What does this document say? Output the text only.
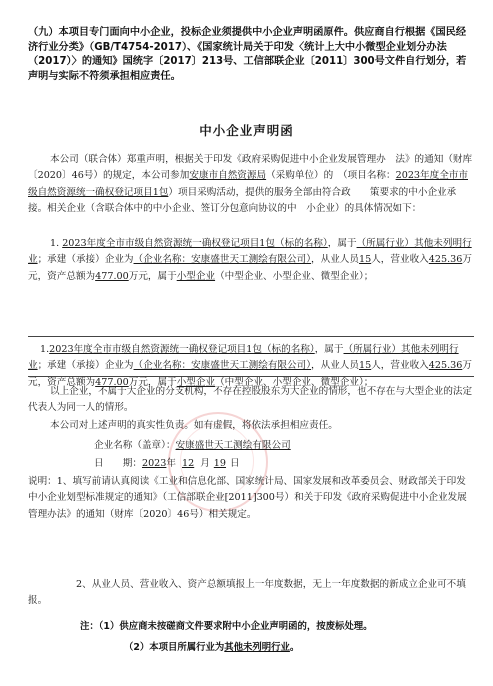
（九）本项目专门面向中小企业，投标企业须提供中小企业声明函原件。供应商自行根据《国民经济行业分类》（GB/T4754-2017）、《国家统计局关于印发〈统计上大中小微型企业划分办法（2017）〉的通知》国统字〔2017〕213号、工信部联企业〔2011〕300号文件自行划分，若声明与实际不符须承担相应责任。
中小企业声明函
本公司（联合体）郑重声明，根据关于印发《政府采购促进中小企业发展管理办　法》的通知（财库〔2020〕46号）的规定，本公司参加安康市自然资源局（采购单位）的　（项目名称：2023年度全市市级自然资源统一确权登记项目1包）项目采购活动，提供的服务全部由符合政　　策要求的中小企业承接。相关企业（含联合体中的中小企业、签订分包意向协议的中　小企业）的具体情况如下：
1. 2023年度全市市级自然资源统一确权登记项目1包（标的名称），属于（所属行业）其他未列明行业；承建（承接）企业为（企业名称：安康盛世天工测绘有限公司），从业人员15人，营业收入425.36万元，资产总额为477.00万元，属于小型企业（中型企业、小型企业、微型企业）；
1.2023年度全市市级自然资源统一确权登记项目1包（标的名称），属于（所属行业）其他未列明行业；承建（承接）企业为（企业名称：安康盛世天工测绘有限公司），从业人员15人，营业收入425.36万元，资产总额为477.00万元，属于小型企业（中型企业、小型企业、微型企业）；
以上企业，不属于大企业的分支机构，不存在控股股东为大企业的情形，也不存在与大型企业的法定代表人为同一人的情形。
本公司对上述声明的真实性负责。如有虚假，将依法承担相应责任。
企业名称（盖章）：安康盛世天工测绘有限公司
日　　期：2023年 12 月 19 日
说明：1、填写前请认真阅读《工业和信息化部、国家统计局、国家发展和改革委员会、财政部关于印发中小企业划型标准规定的通知》（工信部联企业[2011]300号）和关于印发《政府采购促进中小企业发展管理办法》的通知（财库〔2020〕46号）相关规定。
2、从业人员、营业收入、资产总额填报上一年度数据，无上一年度数据的新成立企业可不填报。
注：（1）供应商未按磋商文件要求附中小企业声明函的，按废标处理。
（2）本项目所属行业为其他未列明行业。
